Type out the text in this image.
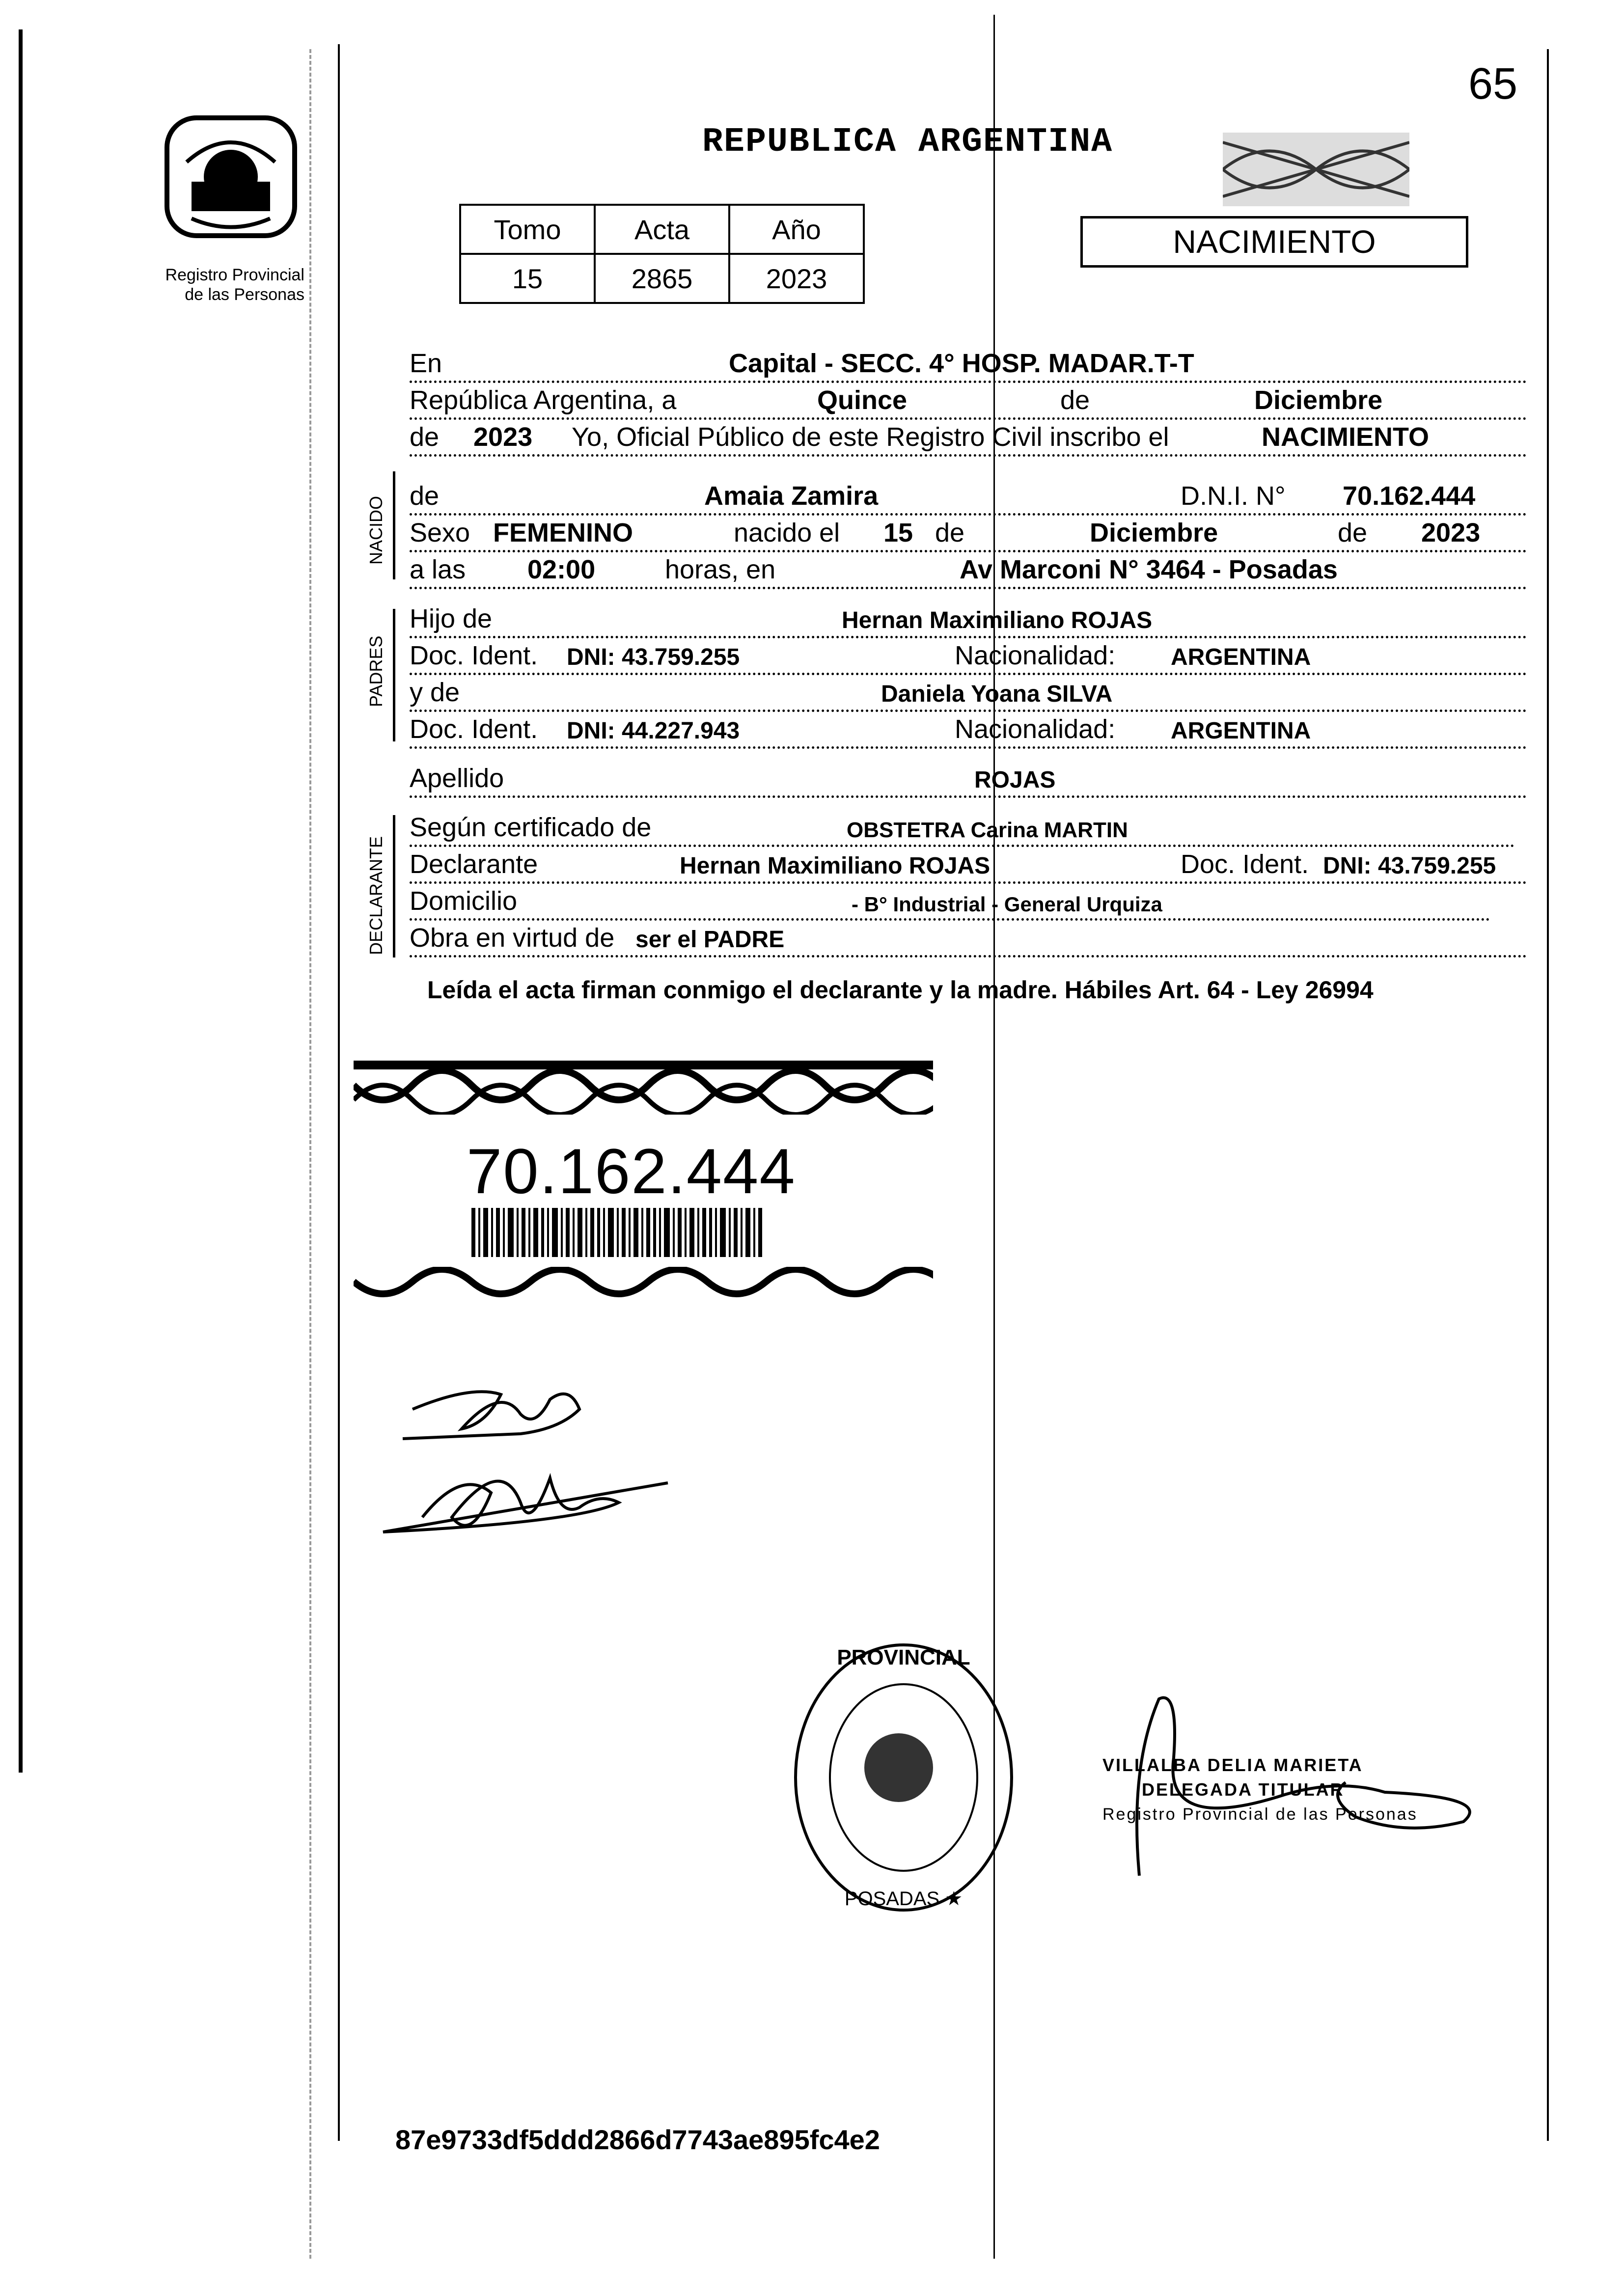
65
Registro Provincial
de las Personas
REPUBLICA ARGENTINA
Tomo	Acta	Año
15	2865	2023
NACIMIENTO
En	Capital - SECC. 4° HOSP. MADAR.T-T
República Argentina, a	Quince	de	Diciembre
de 2023 Yo, Oficial Público de este Registro Civil inscribo el	NACIMIENTO
NACIDO de	Amaia Zamira	D.N.I. N° 70.162.444
Sexo FEMENINO	nacido el 15 de	Diciembre	de 2023
a las 02:00	horas, en	Av Marconi N° 3464 - Posadas
PADRES
Hijo de	Hernan Maximiliano ROJAS
Doc. Ident. DNI: 43.759.255	Nacionalidad: ARGENTINA
y de	Daniela Yoana SILVA
Doc. Ident. DNI: 44.227.943	Nacionalidad: ARGENTINA
Apellido	ROJAS
DECLARANTE
Según certificado de	OBSTETRA Carina MARTIN
Declarante	Hernan Maximiliano ROJAS	Doc. Ident. DNI: 43.759.255
Domicilio	- B° Industrial - General Urquiza
Obra en virtud de ser el PADRE
Leída el acta firman conmigo el declarante y la madre. Hábiles Art. 64 - Ley 26994
70.162.444
PROVINCIAL
POSADAS ★
VILLALBA DELIA MARIETA
DELEGADA TITULAR
Registro Provincial de las Personas
87e9733df5ddd2866d7743ae895fc4e2
